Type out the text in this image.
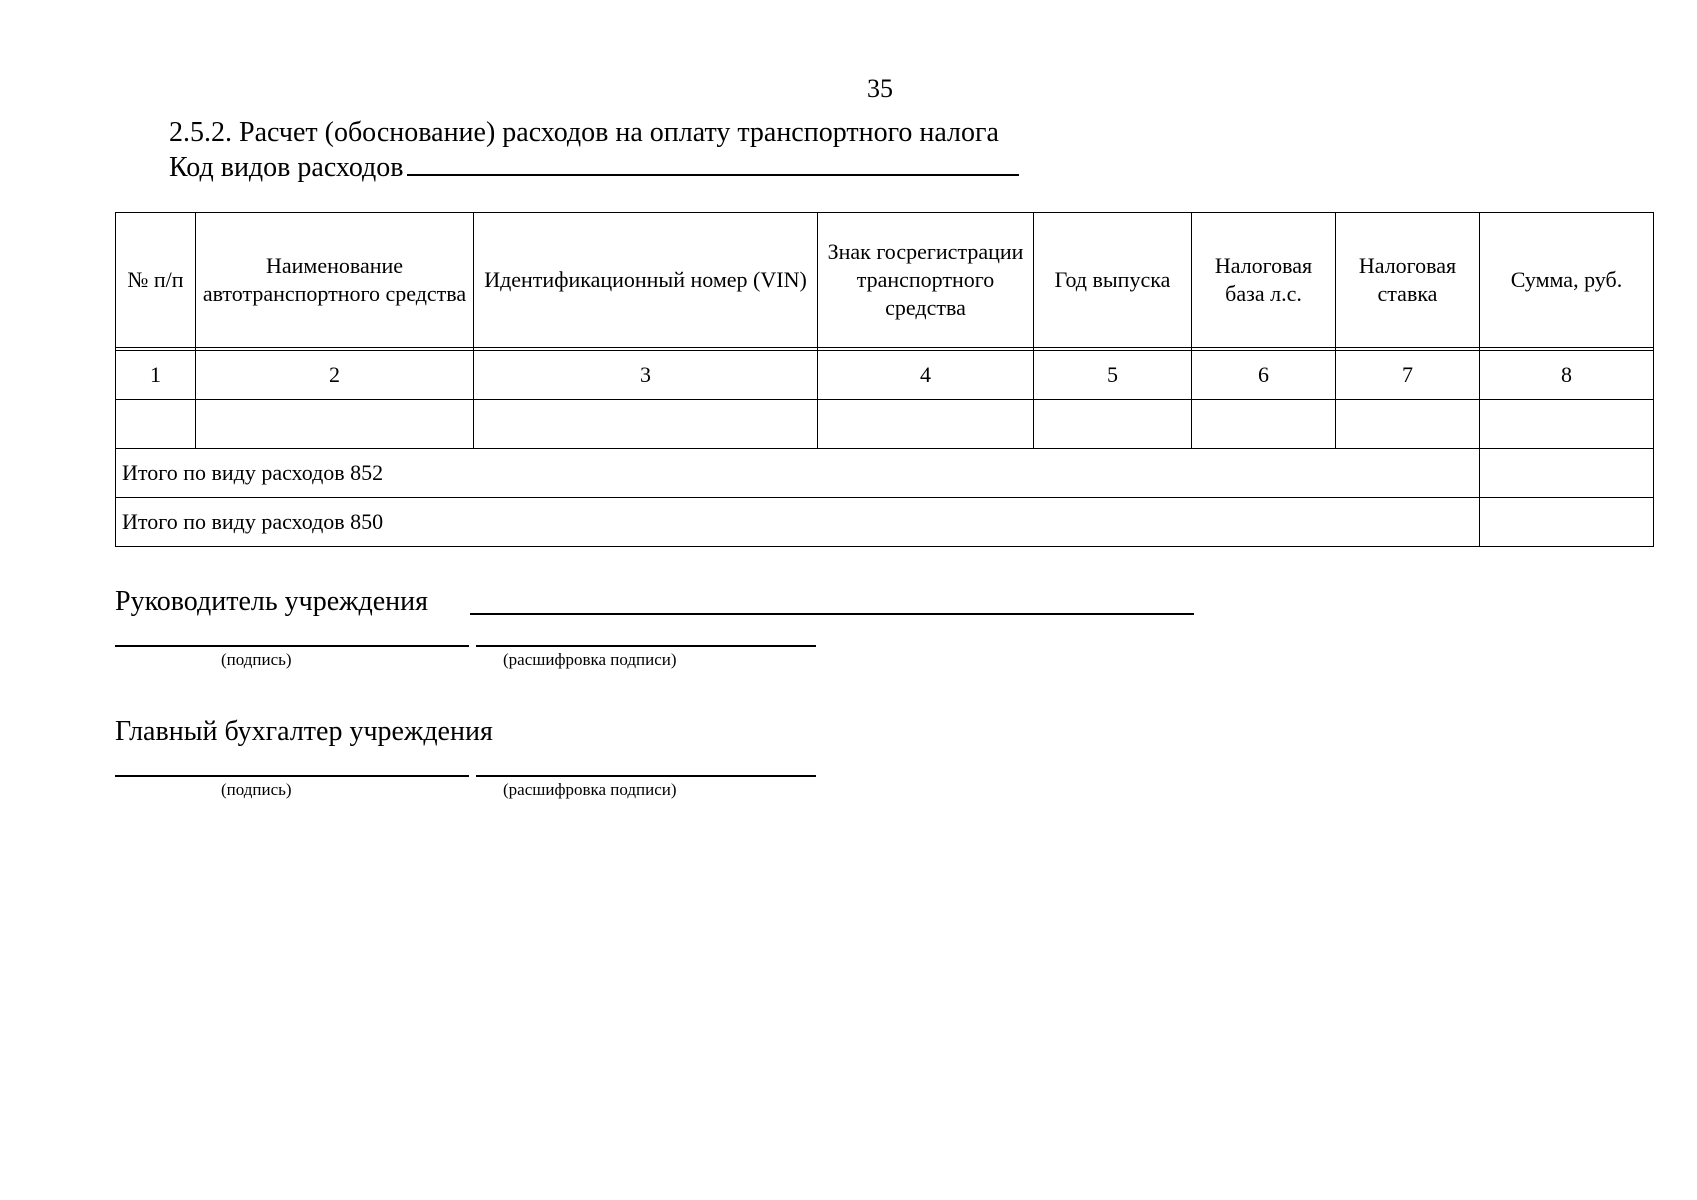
35
2.5.2. Расчет (обоснование) расходов на оплату транспортного налога
Код видов расходов
№ п/п	Наименование автотранспортного средства	Идентификационный номер (VIN)	Знак госрегистрации транспортного средства	Год выпуска	Налоговая база л.с.	Налоговая ставка	Сумма, руб.

1	2	3	4	5	6	7	8

Итого по виду расходов 852							
Итого по виду расходов 850							
Руководитель учреждения
(подпись)	(расшифровка подписи)
Главный бухгалтер учреждения
(подпись)	(расшифровка подписи)
